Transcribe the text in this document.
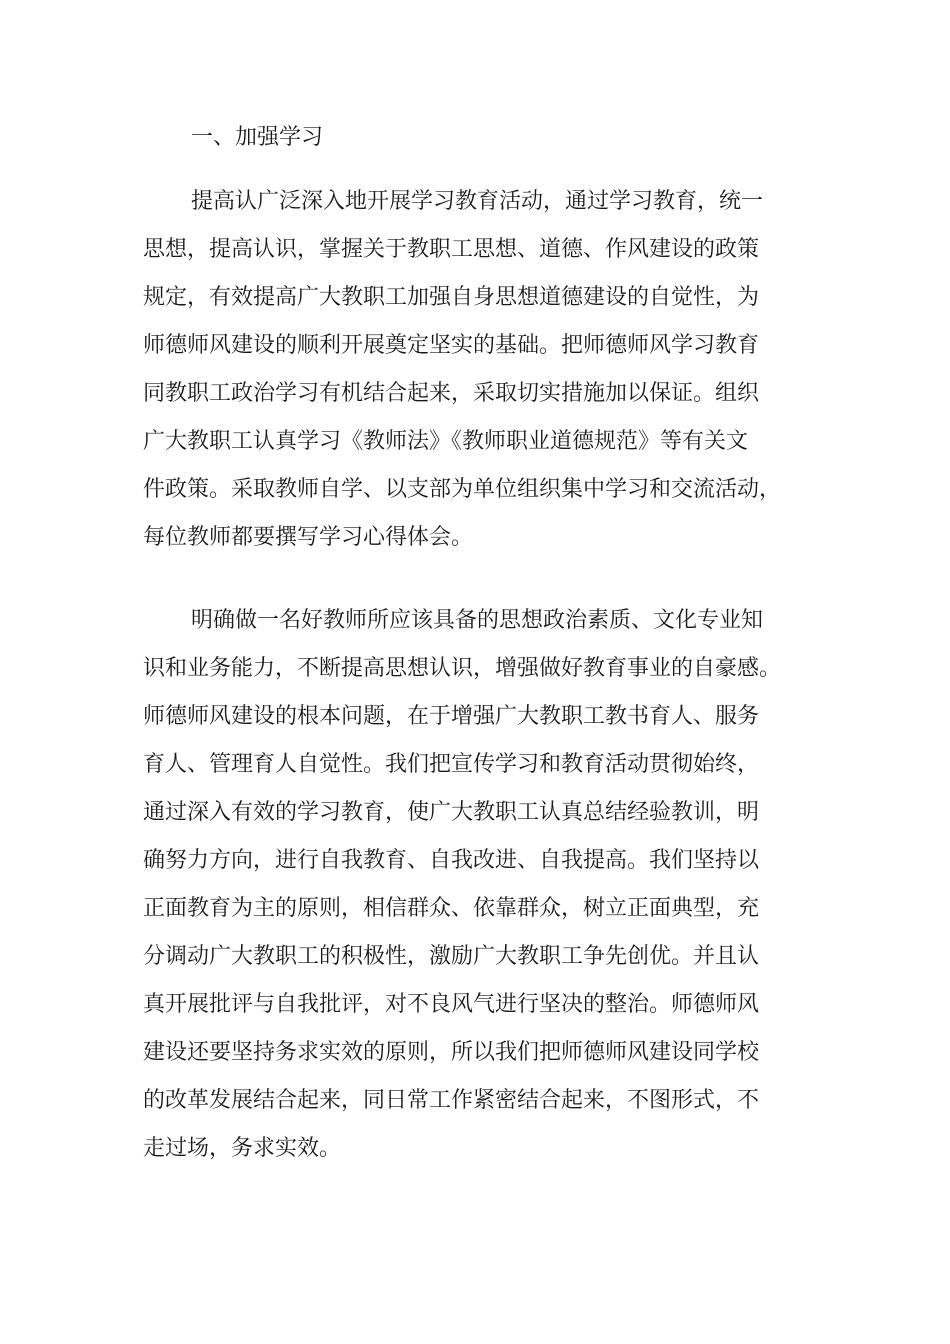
一、加强学习
提高认广泛深入地开展学习教育活动，通过学习教育，统一
思想，提高认识，掌握关于教职工思想、道德、作风建设的政策
规定，有效提高广大教职工加强自身思想道德建设的自觉性，为
师德师风建设的顺利开展奠定坚实的基础。把师德师风学习教育
同教职工政治学习有机结合起来，采取切实措施加以保证。组织
广大教职工认真学习《教师法》《教师职业道德规范》等有关文
件政策。采取教师自学、以支部为单位组织集中学习和交流活动，
每位教师都要撰写学习心得体会。
明确做一名好教师所应该具备的思想政治素质、文化专业知
识和业务能力，不断提高思想认识，增强做好教育事业的自豪感。
师德师风建设的根本问题，在于增强广大教职工教书育人、服务
育人、管理育人自觉性。我们把宣传学习和教育活动贯彻始终，
通过深入有效的学习教育，使广大教职工认真总结经验教训，明
确努力方向，进行自我教育、自我改进、自我提高。我们坚持以
正面教育为主的原则，相信群众、依靠群众，树立正面典型，充
分调动广大教职工的积极性，激励广大教职工争先创优。并且认
真开展批评与自我批评，对不良风气进行坚决的整治。师德师风
建设还要坚持务求实效的原则，所以我们把师德师风建设同学校
的改革发展结合起来，同日常工作紧密结合起来，不图形式，不
走过场，务求实效。
